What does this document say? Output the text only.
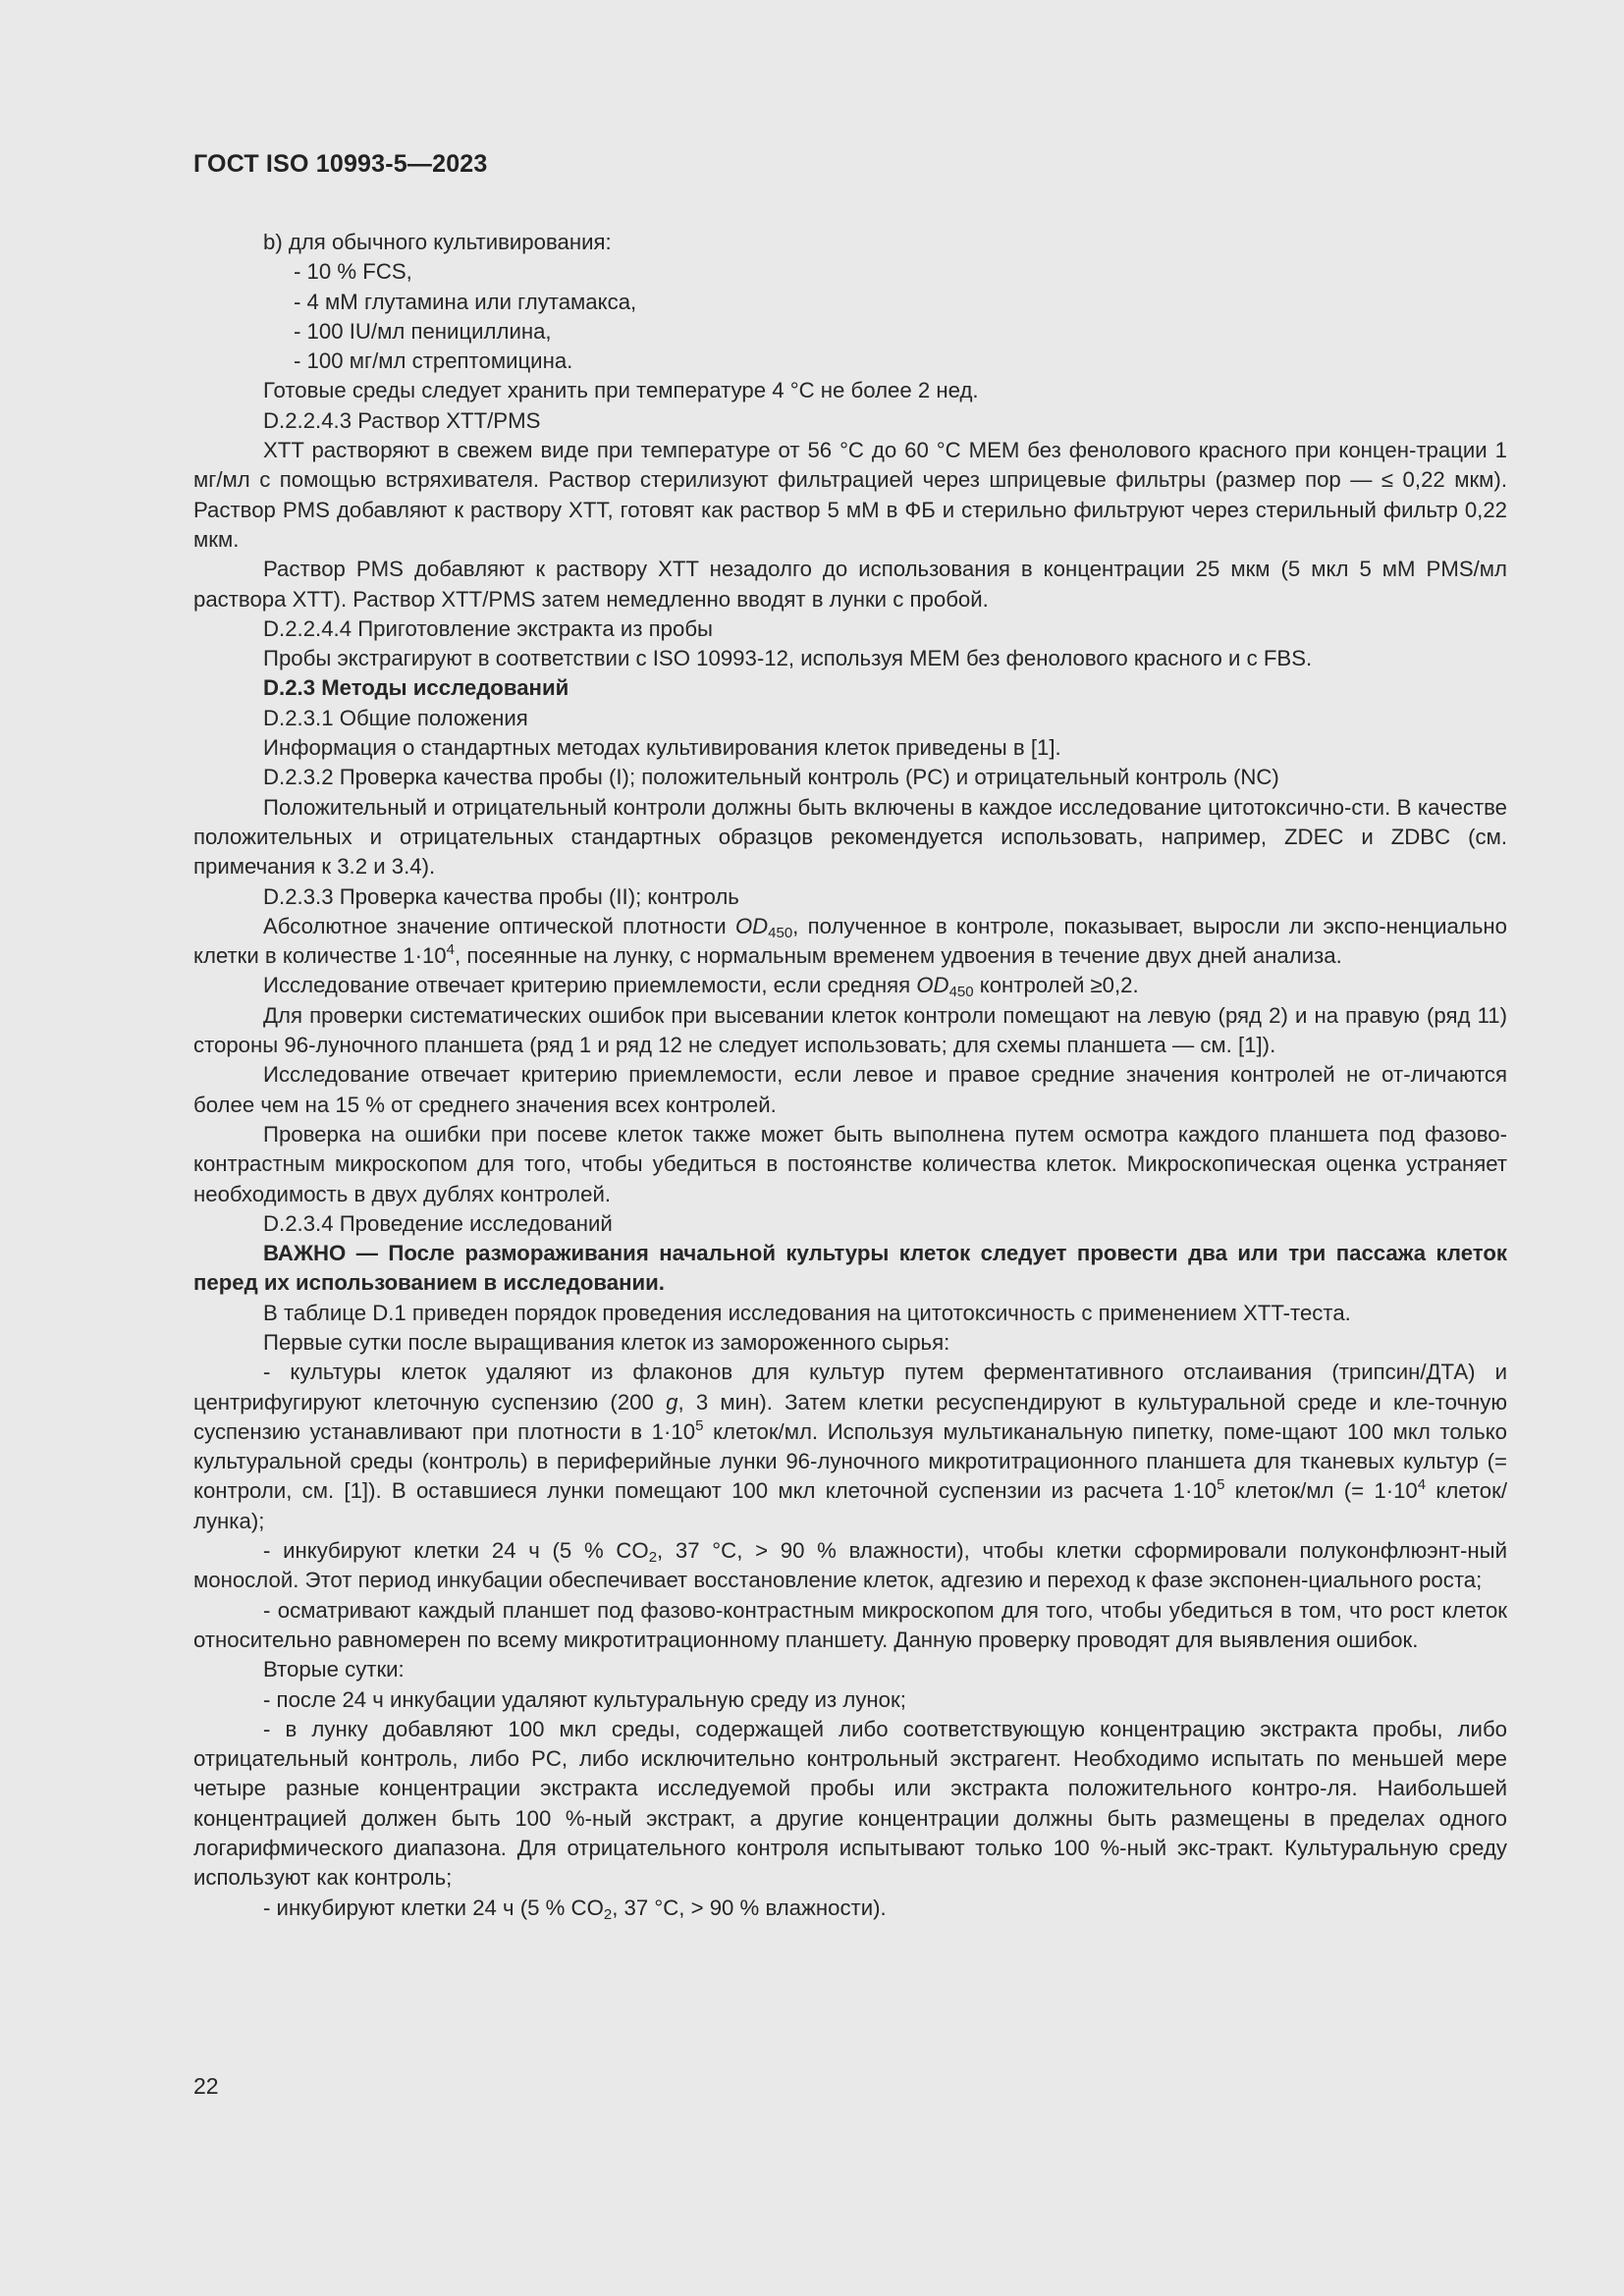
ГОСТ ISO 10993-5—2023

b) для обычного культивирования:

- 10 % FCS,

- 4 мМ глутамина или глутамакса,

- 100 IU/мл пенициллина,

- 100 мг/мл стрептомицина.

Готовые среды следует хранить при температуре 4 °C не более 2 нед.

D.2.2.4.3 Раствор XTT/PMS

XTT растворяют в свежем виде при температуре от 56 °C до 60 °C MEM без фенолового красного при концен-трации 1 мг/мл с помощью встряхивателя. Раствор стерилизуют фильтрацией через шприцевые фильтры (размер пор — ≤ 0,22 мкм). Раствор PMS добавляют к раствору XTT, готовят как раствор 5 мМ в ФБ и стерильно фильтруют через стерильный фильтр 0,22 мкм.

Раствор PMS добавляют к раствору XTT незадолго до использования в концентрации 25 мкм (5 мкл 5 мМ PMS/мл раствора XTT). Раствор XTT/PMS затем немедленно вводят в лунки с пробой.

D.2.2.4.4 Приготовление экстракта из пробы

Пробы экстрагируют в соответствии с ISO 10993-12, используя MEM без фенолового красного и с FBS.

D.2.3 Методы исследований

D.2.3.1 Общие положения

Информация о стандартных методах культивирования клеток приведены в [1].

D.2.3.2 Проверка качества пробы (I); положительный контроль (PC) и отрицательный контроль (NC)

Положительный и отрицательный контроли должны быть включены в каждое исследование цитотоксично-сти. В качестве положительных и отрицательных стандартных образцов рекомендуется использовать, например, ZDEC и ZDBC (см. примечания к 3.2 и 3.4).

D.2.3.3 Проверка качества пробы (II); контроль

Абсолютное значение оптической плотности $OD_{450}$, полученное в контроле, показывает, выросли ли экспо-ненциально клетки в количестве $1\cdot 10^4$, посеянные на лунку, с нормальным временем удвоения в течение двух дней анализа.

Исследование отвечает критерию приемлемости, если средняя $OD_{450}$ контролей ≥0,2.

Для проверки систематических ошибок при высевании клеток контроли помещают на левую (ряд 2) и на правую (ряд 11) стороны 96-луночного планшета (ряд 1 и ряд 12 не следует использовать; для схемы планшета — см. [1]).

Исследование отвечает критерию приемлемости, если левое и правое средние значения контролей не от-личаются более чем на 15 % от среднего значения всех контролей.

Проверка на ошибки при посеве клеток также может быть выполнена путем осмотра каждого планшета под фазово-контрастным микроскопом для того, чтобы убедиться в постоянстве количества клеток. Микроскопическая оценка устраняет необходимость в двух дублях контролей.

D.2.3.4 Проведение исследований

ВАЖНО — После размораживания начальной культуры клеток следует провести два или три пассажа клеток перед их использованием в исследовании.

В таблице D.1 приведен порядок проведения исследования на цитотоксичность с применением XTT-теста.

Первые сутки после выращивания клеток из замороженного сырья:

- культуры клеток удаляют из флаконов для культур путем ферментативного отслаивания (трипсин/ДТА) и центрифугируют клеточную суспензию (200 g, 3 мин). Затем клетки ресуспендируют в культуральной среде и кле-точную суспензию устанавливают при плотности в $1\cdot 10^5$ клеток/мл. Используя мультиканальную пипетку, поме-щают 100 мкл только культуральной среды (контроль) в периферийные лунки 96-луночного микротитрационного планшета для тканевых культур (= контроли, см. [1]). В оставшиеся лунки помещают 100 мкл клеточной суспензии из расчета $1\cdot 10^5$ клеток/мл (= $1\cdot 10^4$ клеток/лунка);

- инкубируют клетки 24 ч (5 % $CO_2$, 37 °C, > 90 % влажности), чтобы клетки сформировали полуконфлюэнт-ный монослой. Этот период инкубации обеспечивает восстановление клеток, адгезию и переход к фазе экспонен-циального роста;

- осматривают каждый планшет под фазово-контрастным микроскопом для того, чтобы убедиться в том, что рост клеток относительно равномерен по всему микротитрационному планшету. Данную проверку проводят для выявления ошибок.

Вторые сутки:

- после 24 ч инкубации удаляют культуральную среду из лунок;

- в лунку добавляют 100 мкл среды, содержащей либо соответствующую концентрацию экстракта пробы, либо отрицательный контроль, либо PC, либо исключительно контрольный экстрагент. Необходимо испытать по меньшей мере четыре разные концентрации экстракта исследуемой пробы или экстракта положительного контро-ля. Наибольшей концентрацией должен быть 100 %-ный экстракт, а другие концентрации должны быть размещены в пределах одного логарифмического диапазона. Для отрицательного контроля испытывают только 100 %-ный экс-тракт. Культуральную среду используют как контроль;

- инкубируют клетки 24 ч (5 % $CO_2$, 37 °C, > 90 % влажности).

22
